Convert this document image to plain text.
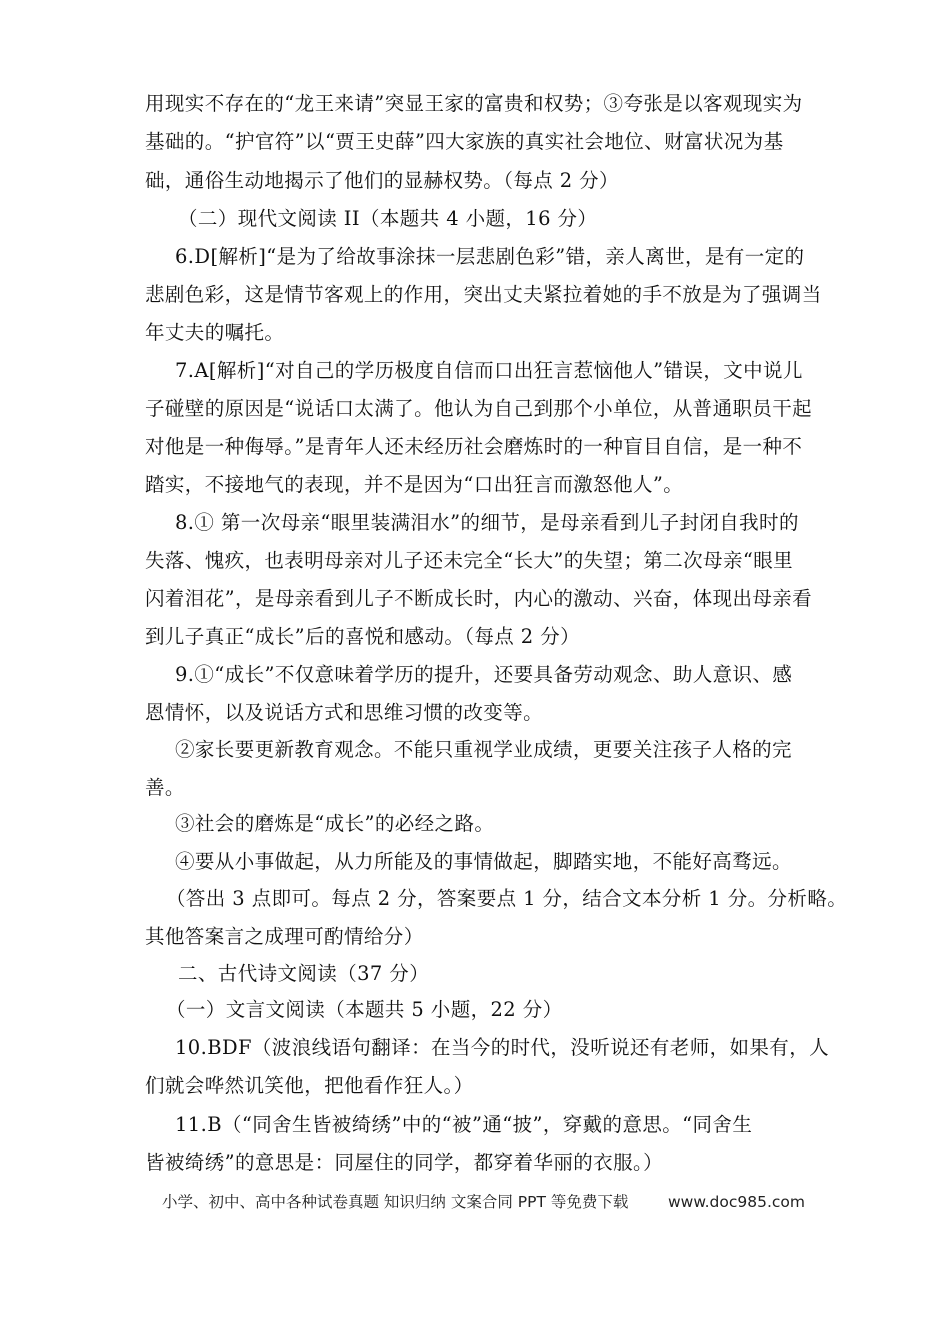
用现实不存在的“龙王来请”突显王家的富贵和权势；③夸张是以客观现实为
基础的。“护官符”以“贾王史薛”四大家族的真实社会地位、财富状况为基
础，通俗生动地揭示了他们的显赫权势。（每点 2 分）
（二）现代文阅读 II（本题共 4 小题，16 分）
6.D[解析]“是为了给故事涂抹一层悲剧色彩”错，亲人离世，是有一定的
悲剧色彩，这是情节客观上的作用，突出丈夫紧拉着她的手不放是为了强调当
年丈夫的嘱托。
7.A[解析]“对自己的学历极度自信而口出狂言惹恼他人”错误，文中说儿
子碰壁的原因是“说话口太满了。他认为自己到那个小单位，从普通职员干起
对他是一种侮辱。”是青年人还未经历社会磨炼时的一种盲目自信，是一种不
踏实，不接地气的表现，并不是因为“口出狂言而激怒他人”。
8.① 第一次母亲“眼里装满泪水”的细节，是母亲看到儿子封闭自我时的
失落、愧疚，也表明母亲对儿子还未完全“长大”的失望；第二次母亲“眼里
闪着泪花”，是母亲看到儿子不断成长时，内心的激动、兴奋，体现出母亲看
到儿子真正“成长”后的喜悦和感动。（每点 2 分）
9.①“成长”不仅意味着学历的提升，还要具备劳动观念、助人意识、感
恩情怀，以及说话方式和思维习惯的改变等。
②家长要更新教育观念。不能只重视学业成绩，更要关注孩子人格的完
善。
③社会的磨炼是“成长”的必经之路。
④要从小事做起，从力所能及的事情做起，脚踏实地，不能好高骛远。
（答出 3 点即可。每点 2 分，答案要点 1 分，结合文本分析 1 分。分析略。
其他答案言之成理可酌情给分）
二、古代诗文阅读（37 分）
（一）文言文阅读（本题共 5 小题，22 分）
10.BDF（波浪线语句翻译：在当今的时代，没听说还有老师，如果有，人
们就会哗然讥笑他，把他看作狂人。）
11.B（“同舍生皆被绮绣”中的“被”通“披”，穿戴的意思。“同舍生
皆被绮绣”的意思是：同屋住的同学，都穿着华丽的衣服。）
小学、初中、高中各种试卷真题 知识归纳 文案合同 PPT 等免费下载	www.doc985.com
